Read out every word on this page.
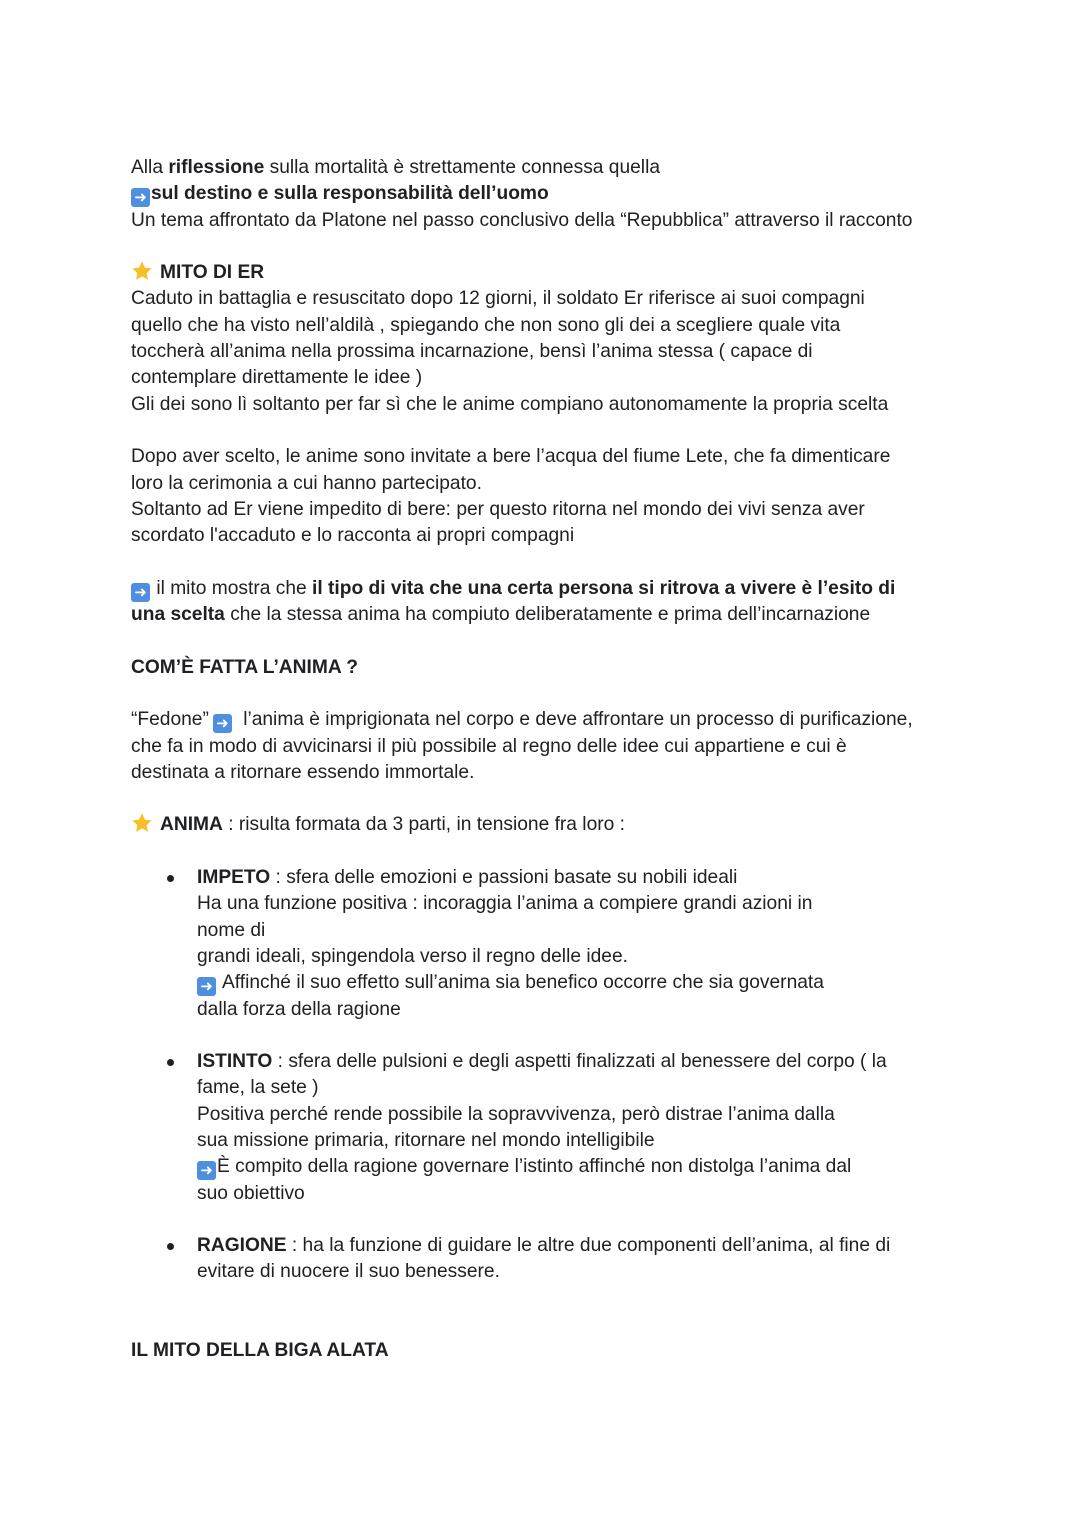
Alla riflessione sulla mortalità è strettamente connessa quella
➜ sul destino e sulla responsabilità dell’uomo
Un tema affrontato da Platone nel passo conclusivo della “Repubblica” attraverso il racconto
MITO DI ER
Caduto in battaglia e resuscitato dopo 12 giorni, il soldato Er riferisce ai suoi compagni
quello che ha visto nell’aldilà , spiegando che non sono gli dei a scegliere quale vita
toccherà all’anima nella prossima incarnazione, bensì l’anima stessa ( capace di
contemplare direttamente le idee )
Gli dei sono lì soltanto per far sì che le anime compiano autonomamente la propria scelta
Dopo aver scelto, le anime sono invitate a bere l’acqua del fiume Lete, che fa dimenticare
loro la cerimonia a cui hanno partecipato.
Soltanto ad Er viene impedito di bere: per questo ritorna nel mondo dei vivi senza aver
scordato l'accaduto e lo racconta ai propri compagni
➜ il mito mostra che il tipo di vita che una certa persona si ritrova a vivere è l’esito di
una scelta che la stessa anima ha compiuto deliberatamente e prima dell’incarnazione
COM’È FATTA L’ANIMA ?
“Fedone” ➜ l’anima è imprigionata nel corpo e deve affrontare un processo di purificazione,
che fa in modo di avvicinarsi il più possibile al regno delle idee cui appartiene e cui è
destinata a ritornare essendo immortale.
ANIMA : risulta formata da 3 parti, in tensione fra loro :
IMPETO : sfera delle emozioni e passioni basate su nobili ideali
Ha una funzione positiva : incoraggia l’anima a compiere grandi azioni in
nome di
grandi ideali, spingendola verso il regno delle idee.
➜ Affinché il suo effetto sull’anima sia benefico occorre che sia governata
dalla forza della ragione
ISTINTO : sfera delle pulsioni e degli aspetti finalizzati al benessere del corpo ( la
fame, la sete )
Positiva perché rende possibile la sopravvivenza, però distrae l’anima dalla
sua missione primaria, ritornare nel mondo intelligibile
➜ È compito della ragione governare l’istinto affinché non distolga l’anima dal
suo obiettivo
RAGIONE : ha la funzione di guidare le altre due componenti dell’anima, al fine di
evitare di nuocere il suo benessere.
IL MITO DELLA BIGA ALATA
